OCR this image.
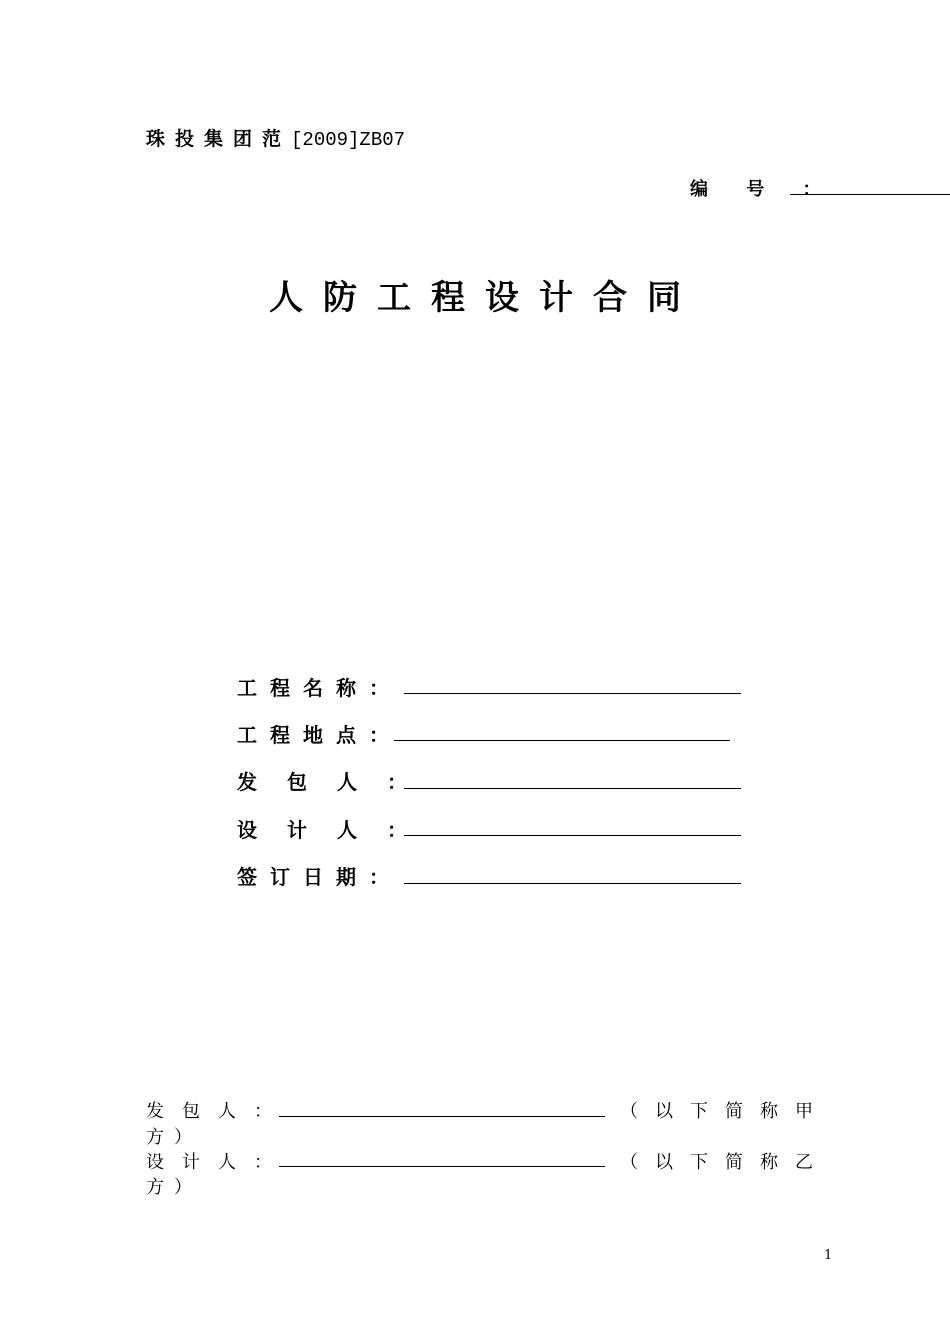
珠投集团范[2009]ZB07
编 号 ：
人防工程设计合同
工程名称：
工程地点：
发包人：
设计人：
签订日期：
发包人：	（以下简称甲
方）
设计人：	（以下简称乙
方）
1
